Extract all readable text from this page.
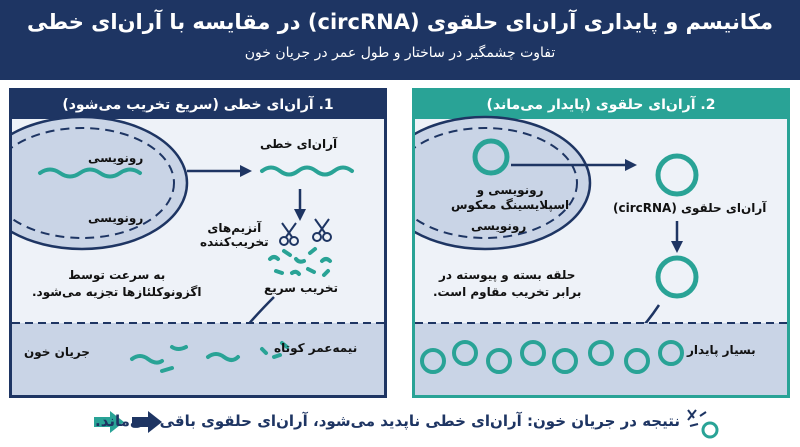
مکانیسم و پایداری آران‌ای حلقوی (circRNA) در مقایسه با آران‌ای خطی
تفاوت چشمگیر در ساختار و طول عمر در جریان خون
1. آران‌ای خطی (سریع تخریب می‌شود)
رونویسی
رونویسی
آران‌ای خطی
آنزیم‌های
تخریب‌کننده
تخریب سریع
به سرعت توسط
اگزونوکلئازها تجزیه می‌شود.
جریان خون	نیمه‌عمر کوتاه
2. آران‌ای حلقوی (پایدار می‌ماند)
رونویسی و
اسپلایسینگ معکوس
رونویسی
آران‌ای حلقوی (circRNA)
حلقه بسته و پیوسته در
برابر تخریب مقاوم است.
بسیار پایدار
نتیجه در جریان خون: آران‌ای خطی ناپدید می‌شود، آران‌ای حلقوی باقی می‌ماند.
